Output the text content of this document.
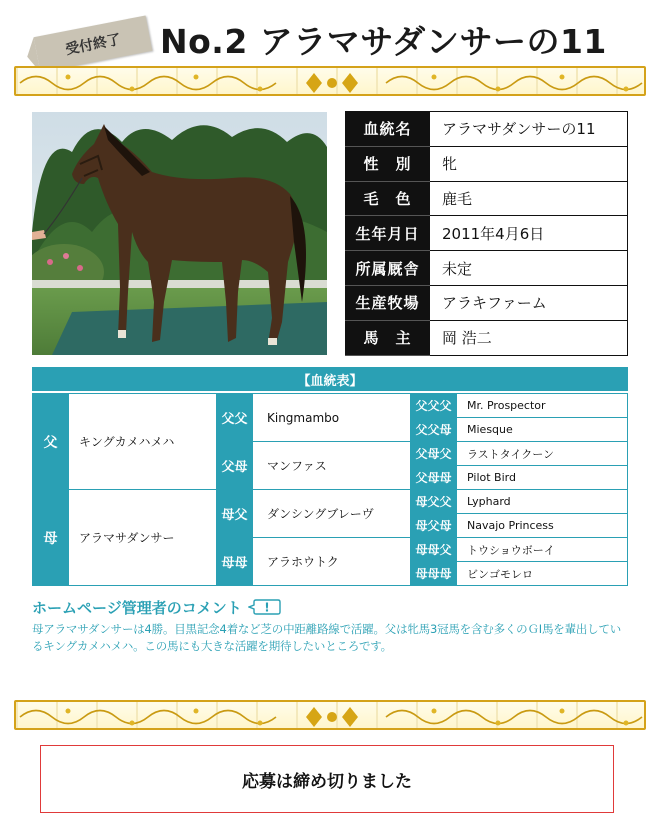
受付終了	No.2 アラマサダンサーの11
血統名	アラマサダンサーの11
性　別	牝
毛　色	鹿毛
生年月日	2011年4月6日
所属厩舎	未定
生産牧場	アラキファーム
馬　主	岡 浩二
【血統表】
父	キングカメハメハ	父父	Kingmambo	父父父	Mr. Prospector
				父父母	Miesque
		父母	マンファス	父母父	ラストタイクーン
				父母母	Pilot Bird
母	アラマサダンサー	母父	ダンシングブレーヴ	母父父	Lyphard
				母父母	Navajo Princess
		母母	アラホウトク	母母父	トウショウボーイ
				母母母	ビンゴモレロ
ホームページ管理者のコメント !
母アラマサダンサーは4勝。目黒記念4着など芝の中距離路線で活躍。父は牝馬3冠馬を含む多くのＧⅠ馬を輩出しているキングカメハメハ。この馬にも大きな活躍を期待したいところです。
応募は締め切りました
